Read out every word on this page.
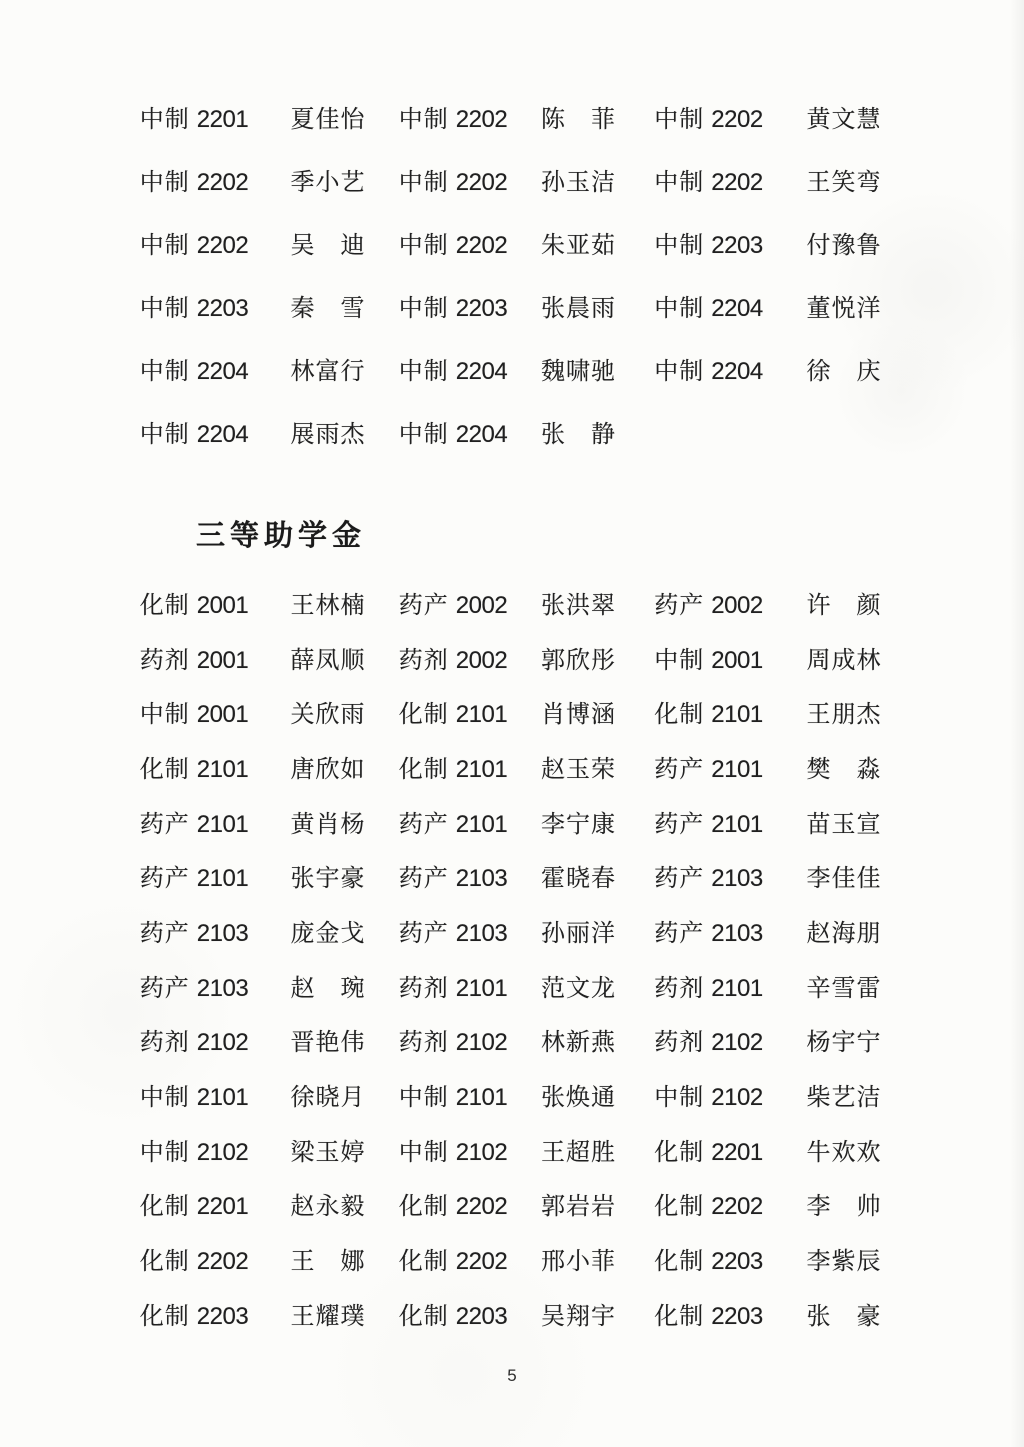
中制 2201	夏佳怡	中制 2202	陈　菲	中制 2202	黄文慧
中制 2202	季小艺	中制 2202	孙玉洁	中制 2202	王笑弯
中制 2202	吴　迪	中制 2202	朱亚茹	中制 2203	付豫鲁
中制 2203	秦　雪	中制 2203	张晨雨	中制 2204	董悦洋
中制 2204	林富行	中制 2204	魏啸驰	中制 2204	徐　庆
中制 2204	展雨杰	中制 2204	张　静
三等助学金
化制 2001	王林楠	药产 2002	张洪翠	药产 2002	许　颜
药剂 2001	薛凤顺	药剂 2002	郭欣彤	中制 2001	周成林
中制 2001	关欣雨	化制 2101	肖博涵	化制 2101	王朋杰
化制 2101	唐欣如	化制 2101	赵玉荣	药产 2101	樊　淼
药产 2101	黄肖杨	药产 2101	李宁康	药产 2101	苗玉宣
药产 2101	张宇豪	药产 2103	霍晓春	药产 2103	李佳佳
药产 2103	庞金戈	药产 2103	孙丽洋	药产 2103	赵海朋
药产 2103	赵　琬	药剂 2101	范文龙	药剂 2101	辛雪雷
药剂 2102	晋艳伟	药剂 2102	林新燕	药剂 2102	杨宇宁
中制 2101	徐晓月	中制 2101	张焕通	中制 2102	柴艺洁
中制 2102	梁玉婷	中制 2102	王超胜	化制 2201	牛欢欢
化制 2201	赵永毅	化制 2202	郭岩岩	化制 2202	李　帅
化制 2202	王　娜	化制 2202	邢小菲	化制 2203	李紫辰
化制 2203	王耀璞	化制 2203	吴翔宇	化制 2203	张　豪
5
